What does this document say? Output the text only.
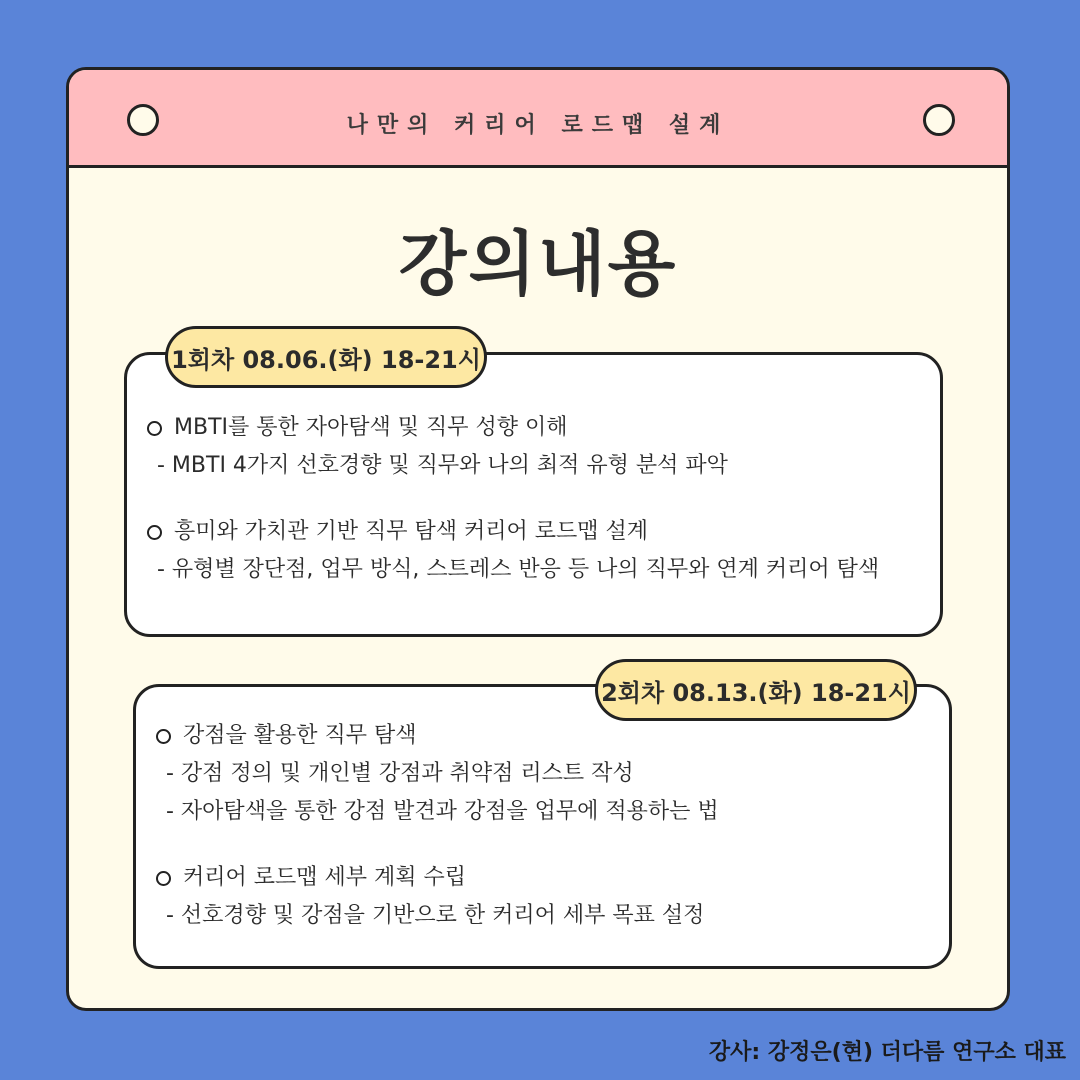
나만의 커리어 로드맵 설계
강의내용
MBTI를 통한 자아탐색 및 직무 성향 이해
- MBTI 4가지 선호경향 및 직무와 나의 최적 유형 분석 파악
흥미와 가치관 기반 직무 탐색 커리어 로드맵 설계
- 유형별 장단점, 업무 방식, 스트레스 반응 등 나의 직무와 연계 커리어 탐색
1회차 08.06.(화) 18-21시
강점을 활용한 직무 탐색
- 강점 정의 및 개인별 강점과 취약점 리스트 작성
- 자아탐색을 통한 강점 발견과 강점을 업무에 적용하는 법
커리어 로드맵 세부 계획 수립
- 선호경향 및 강점을 기반으로 한 커리어 세부 목표 설정
2회차 08.13.(화) 18-21시
강사: 강정은(현) 더다름 연구소 대표
